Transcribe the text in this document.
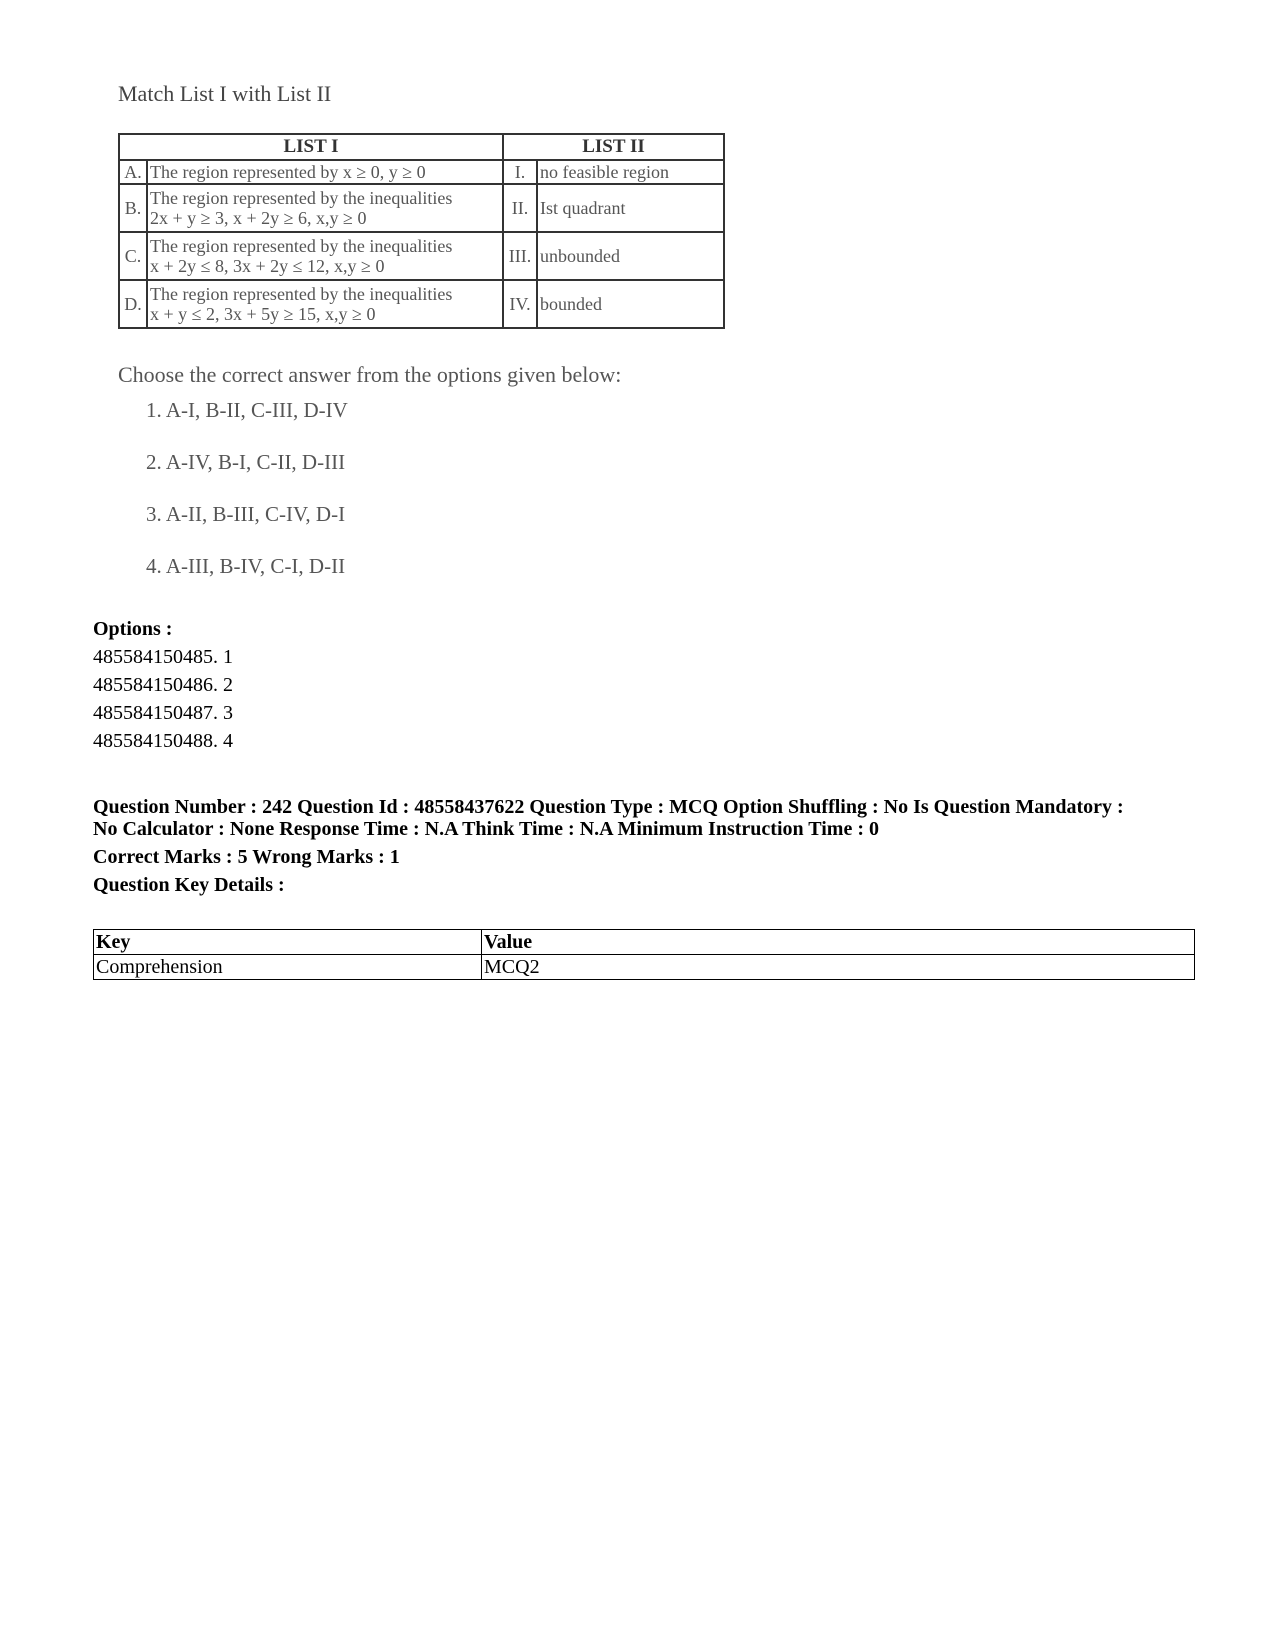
Match List I with List II
LIST I		LIST II	
A.	The region represented by x ≥ 0, y ≥ 0	I.	no feasible region
B.	The region represented by the inequalities
2x + y ≥ 3, x + 2y ≥ 6, x,y ≥ 0	II.	Ist quadrant
C.	The region represented by the inequalities
x + 2y ≤ 8, 3x + 2y ≤ 12, x,y ≥ 0	III.	unbounded
D.	The region represented by the inequalities
x + y ≤ 2, 3x + 5y ≥ 15, x,y ≥ 0	IV.	bounded
Choose the correct answer from the options given below:
1. A-I, B-II, C-III, D-IV
2. A-IV, B-I, C-II, D-III
3. A-II, B-III, C-IV, D-I
4. A-III, B-IV, C-I, D-II
Options :
485584150485. 1
485584150486. 2
485584150487. 3
485584150488. 4
Question Number : 242 Question Id : 48558437622 Question Type : MCQ Option Shuffling : No Is Question Mandatory :
No Calculator : None Response Time : N.A Think Time : N.A Minimum Instruction Time : 0
Correct Marks : 5 Wrong Marks : 1
Question Key Details :
Key	Value
Comprehension	MCQ2
